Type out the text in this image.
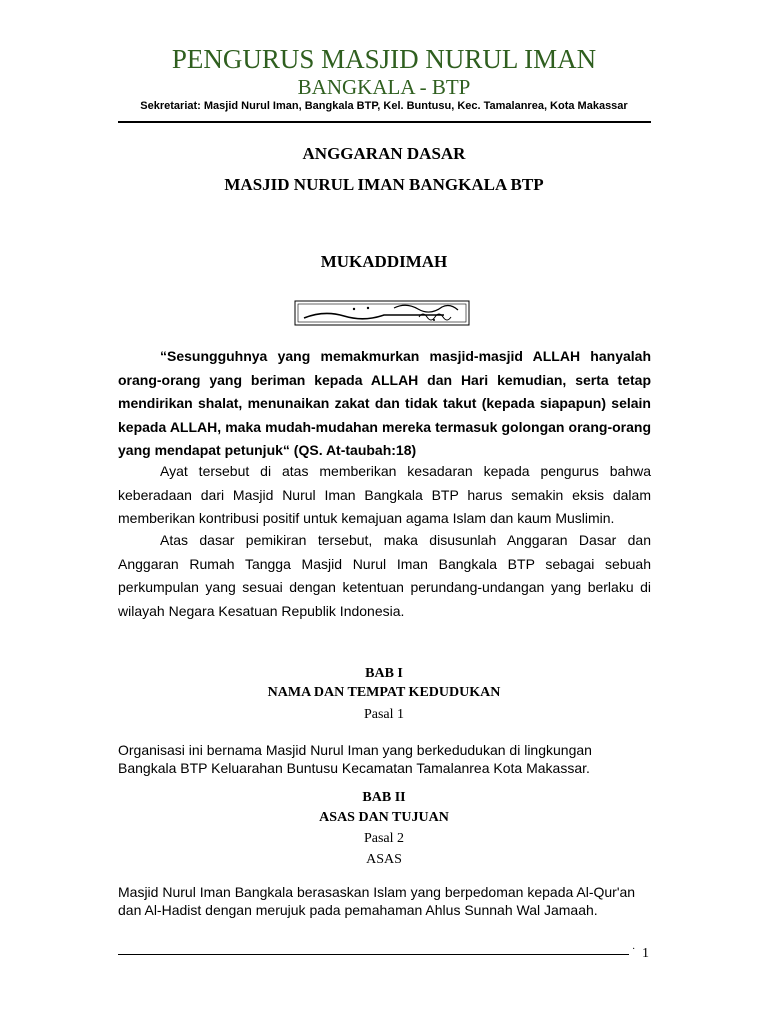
PENGURUS MASJID NURUL IMAN
BANGKALA - BTP
Sekretariat: Masjid Nurul Iman, Bangkala BTP, Kel. Buntusu, Kec. Tamalanrea, Kota Makassar
ANGGARAN DASAR
MASJID NURUL IMAN BANGKALA BTP
MUKADDIMAH
“Sesungguhnya yang memakmurkan masjid-masjid ALLAH hanyalah orang-orang yang beriman kepada ALLAH dan Hari kemudian, serta tetap mendirikan shalat, menunaikan zakat dan tidak takut (kepada siapapun) selain kepada ALLAH, maka mudah-mudahan mereka termasuk golongan orang-orang yang mendapat petunjuk“ (QS. At-taubah:18)
Ayat tersebut di atas memberikan kesadaran kepada pengurus bahwa keberadaan dari Masjid Nurul Iman Bangkala BTP harus semakin eksis dalam memberikan kontribusi positif untuk kemajuan agama Islam dan kaum Muslimin.
Atas dasar pemikiran tersebut, maka disusunlah Anggaran Dasar dan Anggaran Rumah Tangga Masjid Nurul Iman Bangkala BTP sebagai sebuah perkumpulan yang sesuai dengan ketentuan perundang-undangan yang berlaku di wilayah Negara Kesatuan Republik Indonesia.
BAB I
NAMA DAN TEMPAT KEDUDUKAN
Pasal 1
Organisasi ini bernama Masjid Nurul Iman yang berkedudukan di lingkungan Bangkala BTP Keluarahan Buntusu Kecamatan Tamalanrea Kota Makassar.
BAB II
ASAS DAN TUJUAN
Pasal 2
ASAS
Masjid Nurul Iman Bangkala berasaskan Islam yang berpedoman kepada Al-Qur'an dan Al-Hadist dengan merujuk pada pemahaman Ahlus Sunnah Wal Jamaah.
· 1
